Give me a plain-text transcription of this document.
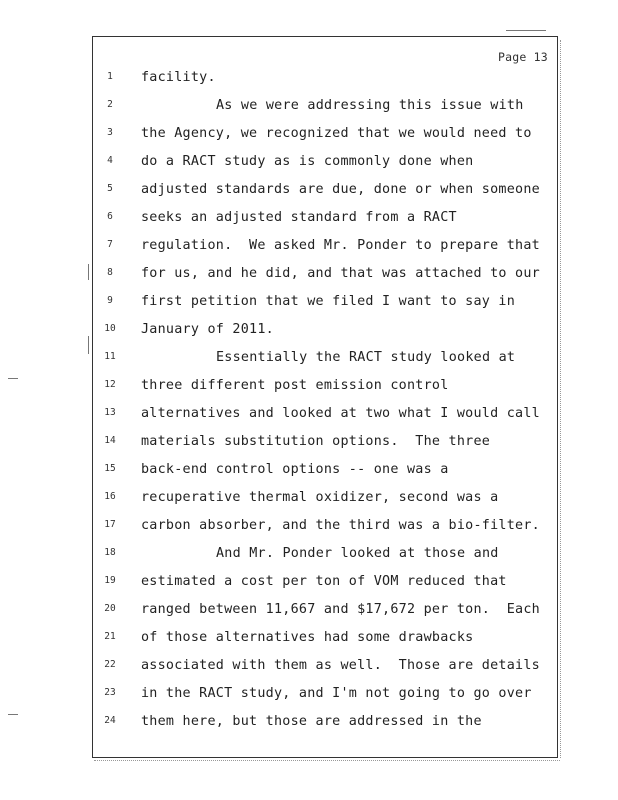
Page 13
1	facility.
2	As we were addressing this issue with
3	the Agency, we recognized that we would need to
4	do a RACT study as is commonly done when
5	adjusted standards are due, done or when someone
6	seeks an adjusted standard from a RACT
7	regulation.  We asked Mr. Ponder to prepare that
8	for us, and he did, and that was attached to our
9	first petition that we filed I want to say in
10	January of 2011.
11	Essentially the RACT study looked at
12	three different post emission control
13	alternatives and looked at two what I would call
14	materials substitution options.  The three
15	back-end control options -- one was a
16	recuperative thermal oxidizer, second was a
17	carbon absorber, and the third was a bio-filter.
18	And Mr. Ponder looked at those and
19	estimated a cost per ton of VOM reduced that
20	ranged between 11,667 and $17,672 per ton.  Each
21	of those alternatives had some drawbacks
22	associated with them as well.  Those are details
23	in the RACT study, and I'm not going to go over
24	them here, but those are addressed in the
